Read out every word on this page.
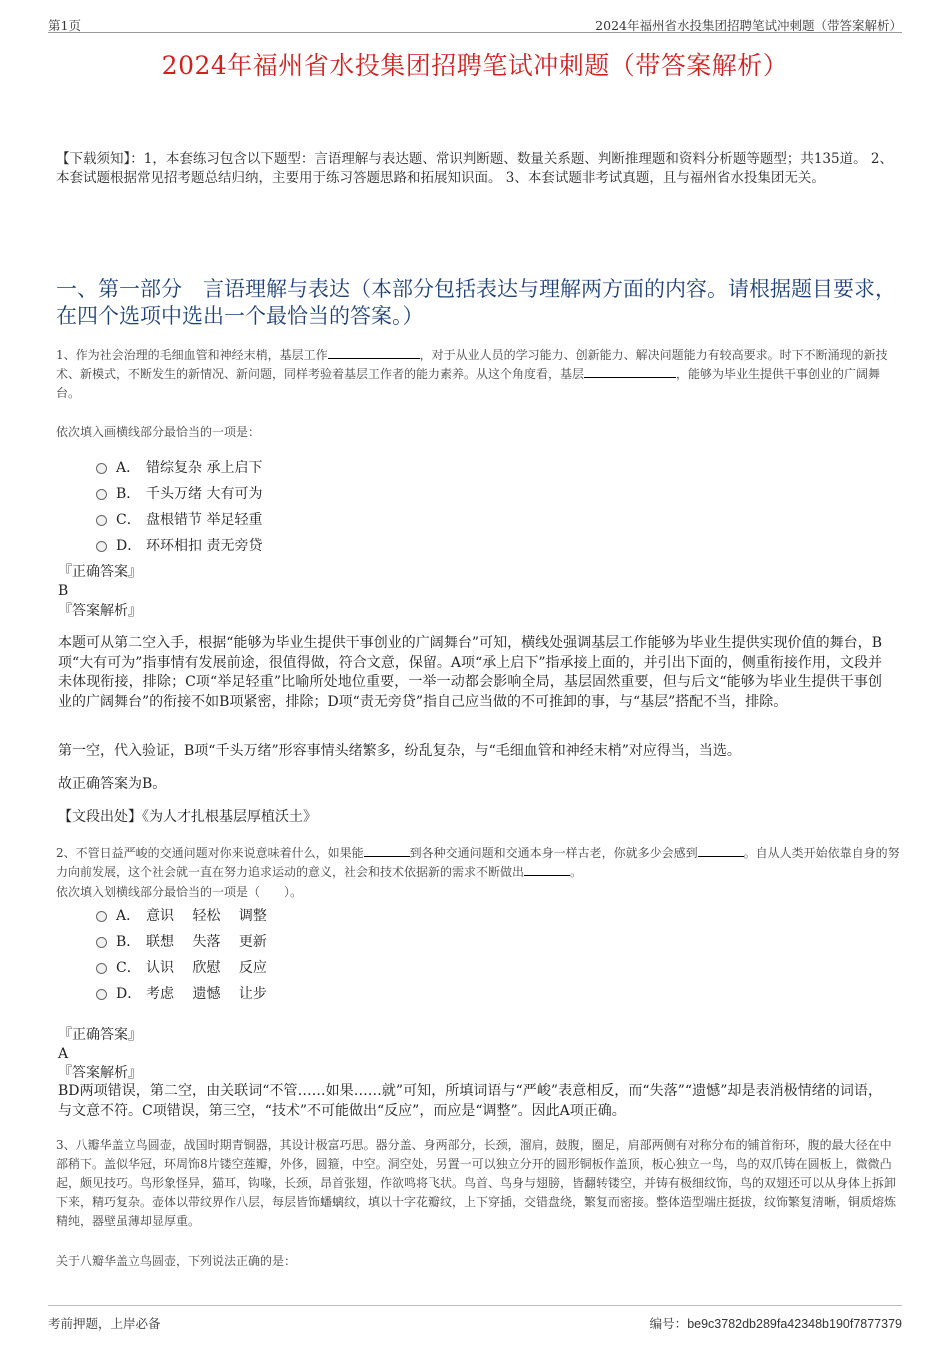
第1页	2024年福州省水投集团招聘笔试冲刺题（带答案解析）
2024年福州省水投集团招聘笔试冲刺题（带答案解析）
【下载须知】：1，本套练习包含以下题型：言语理解与表达题、常识判断题、数量关系题、判断推理题和资料分析题等题型；共135道。 2、本套试题根据常见招考题总结归纳，主要用于练习答题思路和拓展知识面。 3、本套试题非考试真题，且与福州省水投集团无关。
一、第一部分　言语理解与表达（本部分包括表达与理解两方面的内容。请根据题目要求，在四个选项中选出一个最恰当的答案。）
1、作为社会治理的毛细血管和神经末梢，基层工作	，对于从业人员的学习能力、创新能力、解决问题能力有较高要求。时下不断涌现的新技术、新模式，不断发生的新情况、新问题，同样考验着基层工作者的能力素养。从这个角度看，基层	，能够为毕业生提供干事创业的广阔舞台。
依次填入画横线部分最恰当的一项是：
A． 错综复杂 承上启下
B． 千头万绪 大有可为
C． 盘根错节 举足轻重
D． 环环相扣 责无旁贷
『正确答案』
B
『答案解析』
本题可从第二空入手，根据“能够为毕业生提供干事创业的广阔舞台”可知，横线处强调基层工作能够为毕业生提供实现价值的舞台，B项“大有可为”指事情有发展前途，很值得做，符合文意，保留。A项“承上启下”指承接上面的，并引出下面的，侧重衔接作用，文段并未体现衔接，排除；C项“举足轻重”比喻所处地位重要，一举一动都会影响全局，基层固然重要，但与后文“能够为毕业生提供干事创业的广阔舞台”的衔接不如B项紧密，排除；D项“责无旁贷”指自己应当做的不可推卸的事，与“基层”搭配不当，排除。
第一空，代入验证，B项“千头万绪”形容事情头绪繁多，纷乱复杂，与“毛细血管和神经末梢”对应得当，当选。
故正确答案为B。
【文段出处】《为人才扎根基层厚植沃土》
2、不管日益严峻的交通问题对你来说意味着什么，如果能	到各种交通问题和交通本身一样古老，你就多少会感到	。自从人类开始依靠自身的努力向前发展，这个社会就一直在努力追求运动的意义，社会和技术依据新的需求不断做出	。
依次填入划横线部分最恰当的一项是（　　）。
A． 意识　 轻松　 调整
B． 联想　 失落　 更新
C． 认识　 欣慰　 反应
D． 考虑　 遗憾　 让步
『正确答案』
A
『答案解析』
BD两项错误，第二空，由关联词“不管……如果……就”可知，所填词语与“严峻”表意相反，而“失落”“遗憾”却是表消极情绪的词语，与文意不符。C项错误，第三空，“技术”不可能做出“反应”，而应是“调整”。因此A项正确。
3、八瓣华盖立鸟圆壶，战国时期青铜器，其设计极富巧思。器分盖、身两部分，长颈，溜肩，鼓腹，圈足，肩部两侧有对称分布的铺首衔环，腹的最大径在中部稍下。盖似华冠，环周饰8片镂空莲瓣，外侈，圆箍，中空。洞空处，另置一可以独立分开的圆形铜板作盖顶，板心独立一鸟，鸟的双爪铸在圆板上，微微凸起，颇见技巧。鸟形象怪异，猫耳，钩喙，长颈，昂首张翅，作欲鸣将飞状。鸟首、鸟身与翅膀，皆翻转镂空，并铸有极细纹饰，鸟的双翅还可以从身体上拆卸下来，精巧复杂。壶体以带纹界作八层，每层皆饰蟠螭纹，填以十字花瓣纹，上下穿插，交错盘绕，繁复而密接。整体造型端庄挺拔，纹饰繁复清晰，铜质熔炼精纯，器壁虽薄却显厚重。
关于八瓣华盖立鸟圆壶，下列说法正确的是：
考前押题，上岸必备	编号：be9c3782db289fa42348b190f7877379
